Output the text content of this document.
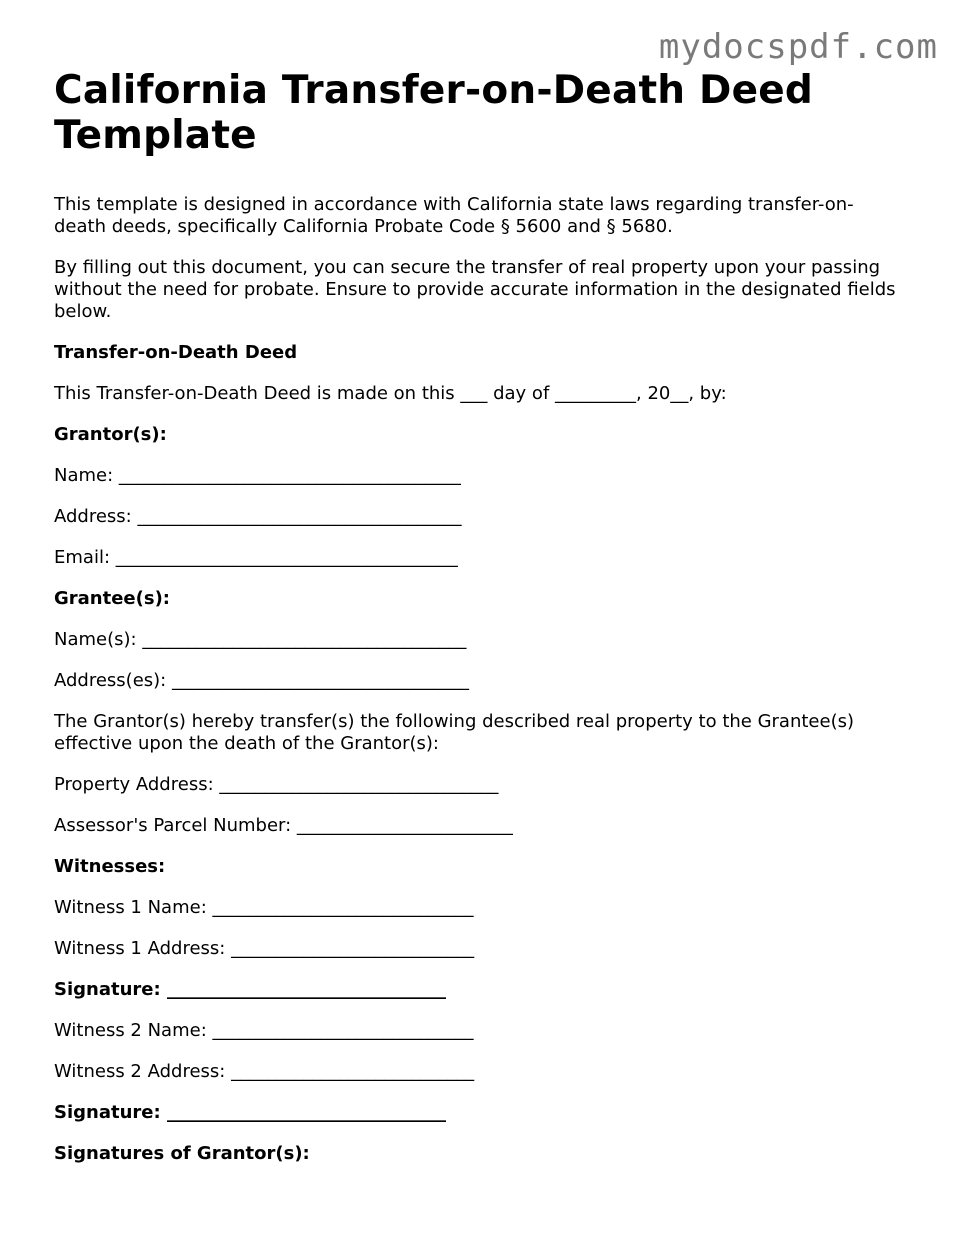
mydocspdf.com
California Transfer-on-Death Deed Template

This template is designed in accordance with California state laws regarding transfer-on-death deeds, specifically California Probate Code § 5600 and § 5680.

By filling out this document, you can secure the transfer of real property upon your passing without the need for probate. Ensure to provide accurate information in the designated fields below.

Transfer-on-Death Deed

This Transfer-on-Death Deed is made on this ___ day of _________, 20__, by:

Grantor(s):

Name: ______________________________________

Address: ____________________________________

Email: ______________________________________

Grantee(s):

Name(s): ____________________________________

Address(es): _________________________________

The Grantor(s) hereby transfer(s) the following described real property to the Grantee(s) effective upon the death of the Grantor(s):

Property Address: _______________________________

Assessor's Parcel Number: ________________________

Witnesses:

Witness 1 Name: _____________________________

Witness 1 Address: ___________________________

Signature: _______________________________

Witness 2 Name: _____________________________

Witness 2 Address: ___________________________

Signature: _______________________________

Signatures of Grantor(s):
